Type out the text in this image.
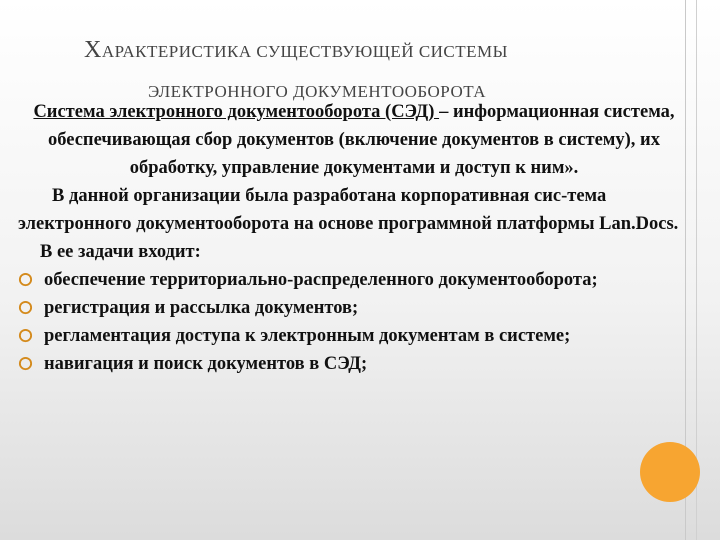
ХАРАКТЕРИСТИКА СУЩЕСТВУЮЩЕЙ СИСТЕМЫ
ЭЛЕКТРОННОГО ДОКУМЕНТООБОРОТА

Система электронного документооборота (СЭД) – информационная система, обеспечивающая сбор документов (включение документов в систему), их обработку, управление документами и доступ к ним».

В данной организации была разработана корпоративная сис-тема электронного документооборота на основе программной платформы Lan.Docs.

В ее задачи входит:

обеспечение территориально-распределенного документооборота;
регистрация и рассылка документов;
регламентация доступа к электронным документам в системе;
навигация и поиск документов в СЭД;
